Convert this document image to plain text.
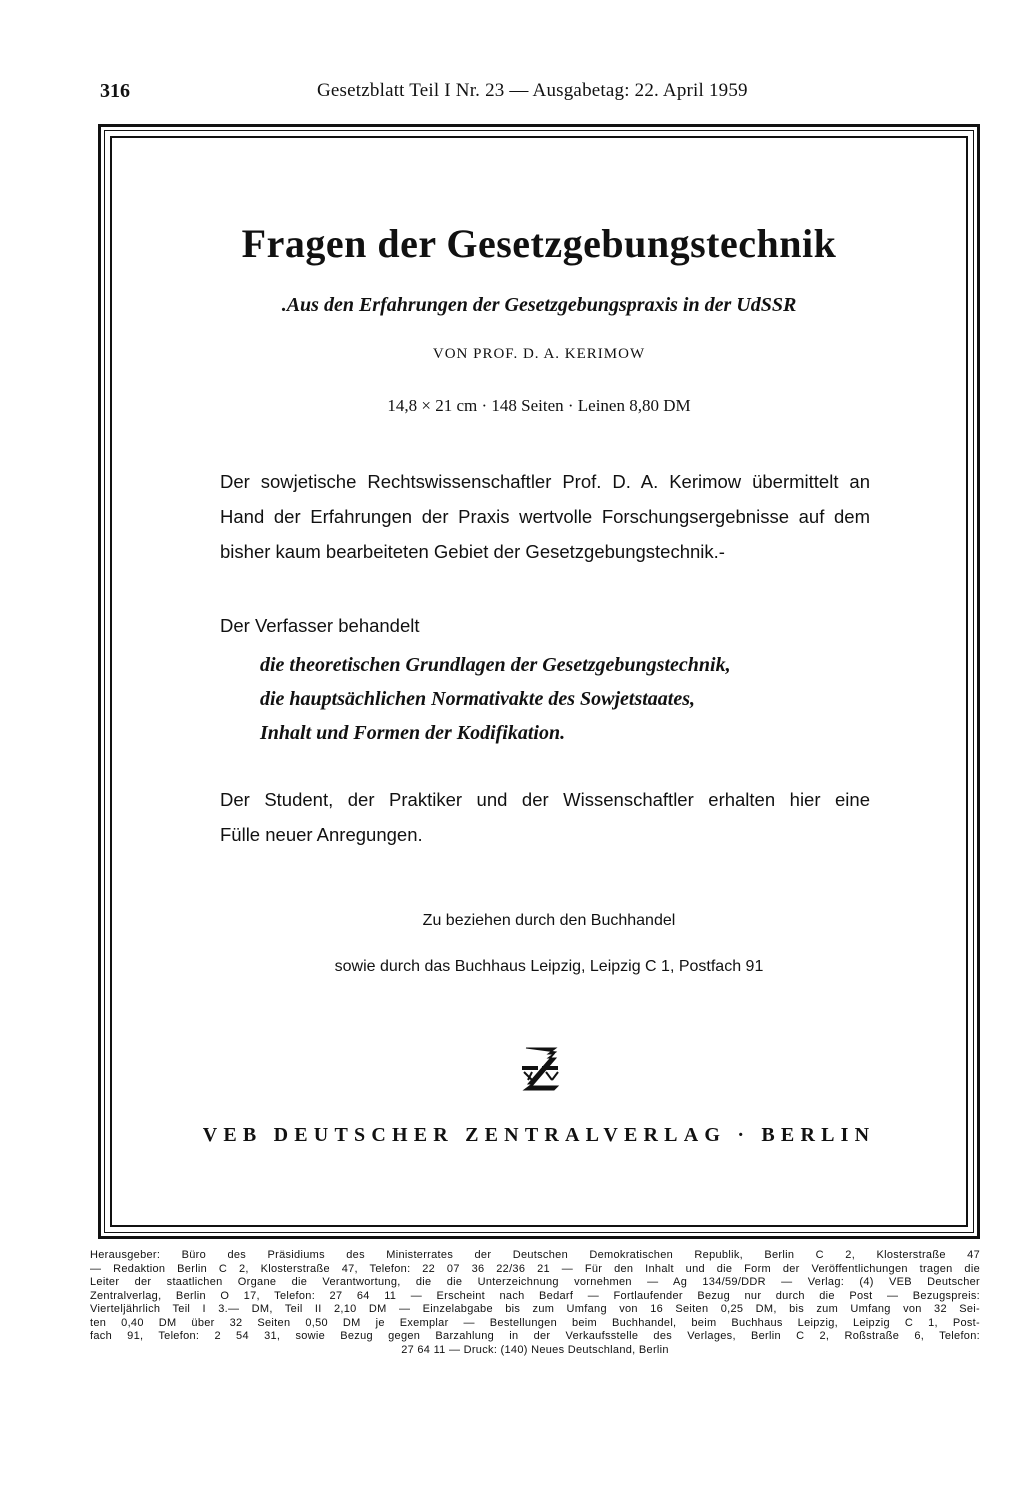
316	Gesetzblatt Teil I Nr. 23 — Ausgabetag: 22. April 1959
Fragen der Gesetzgebungstechnik
.Aus den Erfahrungen der Gesetzgebungspraxis in der UdSSR
VON PROF. D. A. KERIMOW
14,8 × 21 cm · 148 Seiten · Leinen 8,80 DM
Der sowjetische Rechtswissenschaftler Prof. D. A. Kerimow übermittelt an
Hand der Erfahrungen der Praxis wertvolle Forschungsergebnisse auf dem
bisher kaum bearbeiteten Gebiet der Gesetzgebungstechnik.-
Der Verfasser behandelt
die theoretischen Grundlagen der Gesetzgebungstechnik,
die hauptsächlichen Normativakte des Sowjetstaates,
Inhalt und Formen der Kodifikation.
Der Student, der Praktiker und der Wissenschaftler erhalten hier eine
Fülle neuer Anregungen.
Zu beziehen durch den Buchhandel
sowie durch das Buchhaus Leipzig, Leipzig C 1, Postfach 91
VEB DEUTSCHER ZENTRALVERLAG · BERLIN
Herausgeber: Büro des Präsidiums des Ministerrates der Deutschen Demokratischen Republik, Berlin C 2, Klosterstraße 47
— Redaktion Berlin C 2, Klosterstraße 47, Telefon: 22 07 36 22/36 21 — Für den Inhalt und die Form der Veröffentlichungen tragen die
Leiter der staatlichen Organe die Verantwortung, die die Unterzeichnung vornehmen — Ag 134/59/DDR — Verlag: (4) VEB Deutscher
Zentralverlag, Berlin O 17, Telefon: 27 64 11 — Erscheint nach Bedarf — Fortlaufender Bezug nur durch die Post — Bezugspreis:
Vierteljährlich Teil I 3.— DM, Teil II 2,10 DM — Einzelabgabe bis zum Umfang von 16 Seiten 0,25 DM, bis zum Umfang von 32 Sei-
ten 0,40 DM über 32 Seiten 0,50 DM je Exemplar — Bestellungen beim Buchhandel, beim Buchhaus Leipzig, Leipzig C 1, Post-
fach 91, Telefon: 2 54 31, sowie Bezug gegen Barzahlung in der Verkaufsstelle des Verlages, Berlin C 2, Roßstraße 6, Telefon:
27 64 11 — Druck: (140) Neues Deutschland, Berlin
